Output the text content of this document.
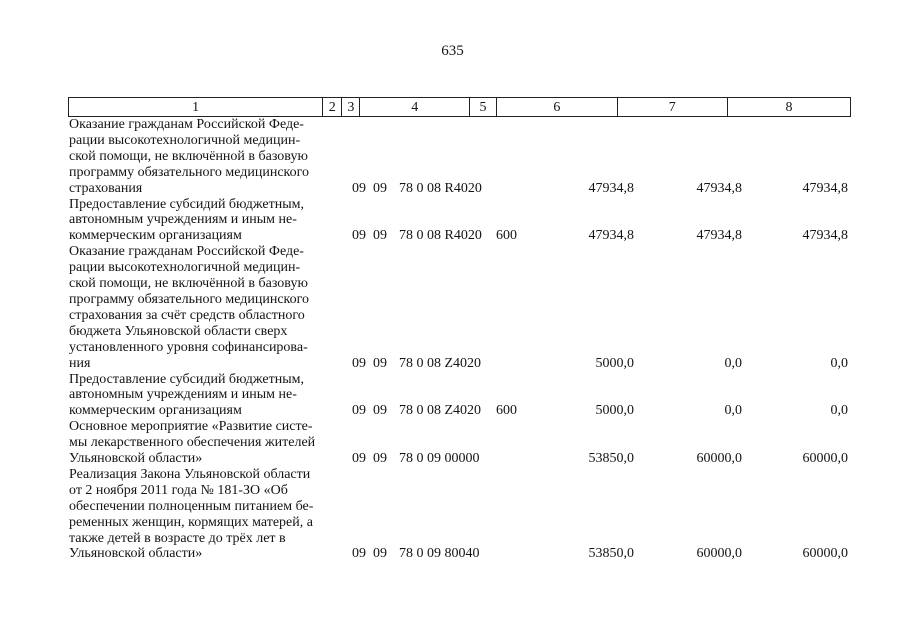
635
1	2 3	4	5	6	7	8
Оказание гражданам Российской Феде-
рации высокотехнологичной медицин-
ской помощи, не включённой в базовую
программу обязательного медицинского
страхования	09 09 78 0 08 R4020	47934,8	47934,8	47934,8
Предоставление субсидий бюджетным,
автономным учреждениям и иным не-
коммерческим организациям	09 09 78 0 08 R4020 600	47934,8	47934,8	47934,8
Оказание гражданам Российской Феде-
рации высокотехнологичной медицин-
ской помощи, не включённой в базовую
программу обязательного медицинского
страхования за счёт средств областного
бюджета Ульяновской области сверх
установленного уровня софинансирова-
ния	09 09 78 0 08 Z4020	5000,0	0,0	0,0
Предоставление субсидий бюджетным,
автономным учреждениям и иным не-
коммерческим организациям	09 09 78 0 08 Z4020 600	5000,0	0,0	0,0
Основное мероприятие «Развитие систе-
мы лекарственного обеспечения жителей
Ульяновской области»	09 09 78 0 09 00000	53850,0	60000,0	60000,0
Реализация Закона Ульяновской области
от 2 ноября 2011 года № 181-ЗО «Об
обеспечении полноценным питанием бе-
ременных женщин, кормящих матерей, а
также детей в возрасте до трёх лет в
Ульяновской области»	09 09 78 0 09 80040	53850,0	60000,0	60000,0
